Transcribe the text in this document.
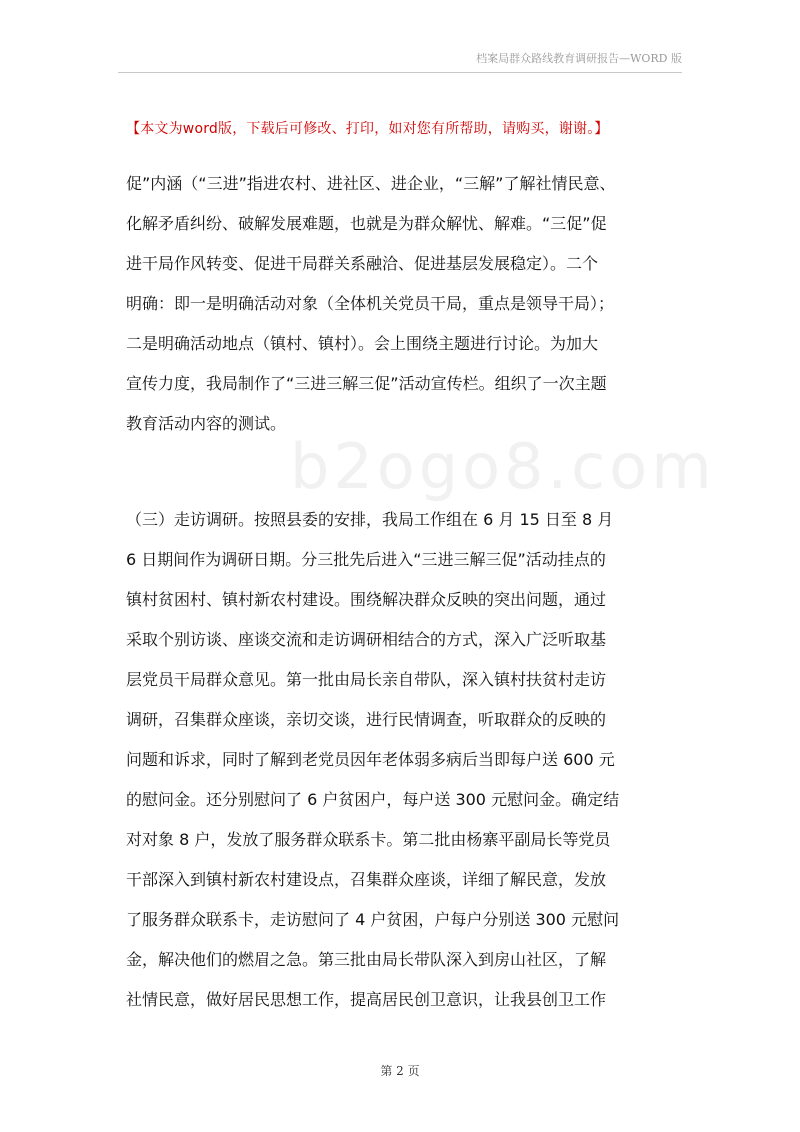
档案局群众路线教育调研报告—WORD 版
【本文为word版，下载后可修改、打印，如对您有所帮助，请购买，谢谢。】
b2ogo8.com
促”内涵（“三进”指进农村、进社区、进企业，“三解”了解社情民意、
化解矛盾纠纷、破解发展难题，也就是为群众解忧、解难。“三促”促
进干局作风转变、促进干局群关系融洽、促进基层发展稳定）。二个
明确：即一是明确活动对象（全体机关党员干局，重点是领导干局）；
二是明确活动地点（镇村、镇村）。会上围绕主题进行讨论。为加大
宣传力度，我局制作了“三进三解三促”活动宣传栏。组织了一次主题
教育活动内容的测试。
（三）走访调研。按照县委的安排，我局工作组在 6 月 15 日至 8 月
6 日期间作为调研日期。分三批先后进入“三进三解三促”活动挂点的
镇村贫困村、镇村新农村建设。围绕解决群众反映的突出问题，通过
采取个别访谈、座谈交流和走访调研相结合的方式，深入广泛听取基
层党员干局群众意见。第一批由局长亲自带队，深入镇村扶贫村走访
调研，召集群众座谈，亲切交谈，进行民情调查，听取群众的反映的
问题和诉求，同时了解到老党员因年老体弱多病后当即每户送 600 元
的慰问金。还分别慰问了 6 户贫困户，每户送 300 元慰问金。确定结
对对象 8 户，发放了服务群众联系卡。第二批由杨寨平副局长等党员
干部深入到镇村新农村建设点，召集群众座谈，详细了解民意，发放
了服务群众联系卡，走访慰问了 4 户贫困，户每户分别送 300 元慰问
金，解决他们的燃眉之急。第三批由局长带队深入到房山社区，了解
社情民意，做好居民思想工作，提高居民创卫意识，让我县创卫工作
第 2 页
